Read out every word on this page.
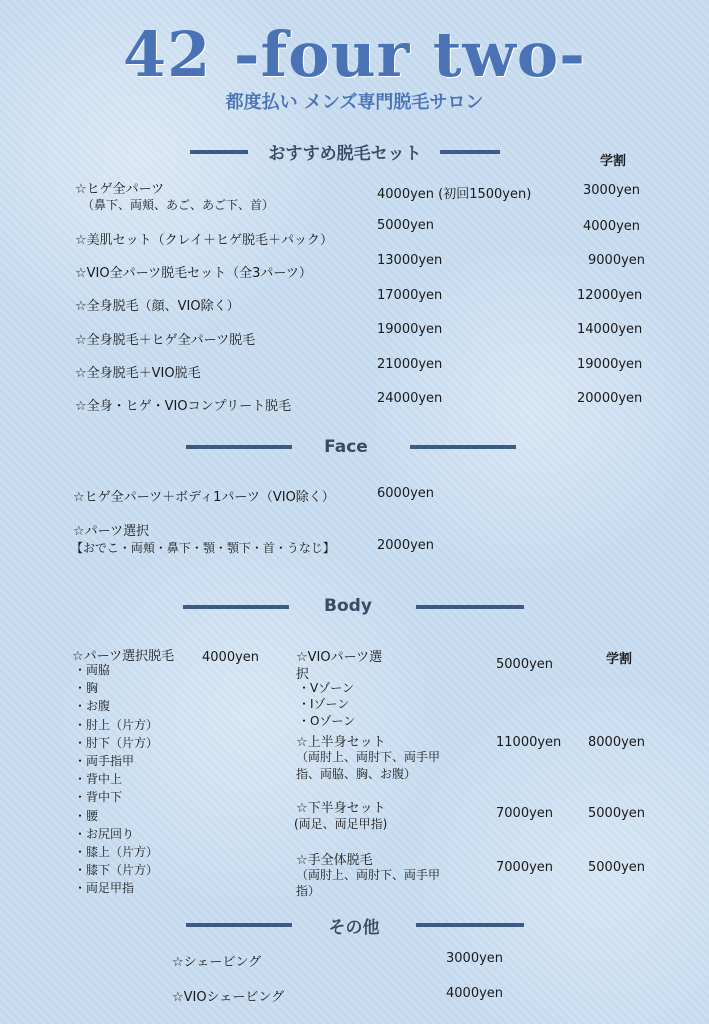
42 -four two-
都度払い メンズ専門脱毛サロン
おすすめ脱毛セット	学割
☆ヒゲ全パーツ
（鼻下、両頬、あご、あご下、首）
4000yen (初回1500yen)	3000yen
☆美肌セット（クレイ＋ヒゲ脱毛＋パック）
5000yen	4000yen
☆VIO全パーツ脱毛セット（全3パーツ）
13000yen	9000yen
☆全身脱毛（顔、VIO除く）
17000yen	12000yen
☆全身脱毛＋ヒゲ全パーツ脱毛
19000yen	14000yen
☆全身脱毛＋VIO脱毛
21000yen	19000yen
☆全身・ヒゲ・VIOコンプリート脱毛
24000yen	20000yen
Face
☆ヒゲ全パーツ＋ボディ1パーツ（VIO除く）	6000yen
☆パーツ選択
【おでこ・両頬・鼻下・顎・顎下・首・うなじ】	2000yen
Body
学割
☆パーツ選択脱毛 4000yen
・両脇
・胸
・お腹
・肘上（片方）
・肘下（片方）
・両手指甲
・背中上
・背中下
・腰
・お尻回り
・膝上（片方）
・膝下（片方）
・両足甲指
☆VIOパーツ選
択
5000yen
・Vゾーン
・Iゾーン
・Oゾーン
☆上半身セット
（両肘上、両肘下、両手甲
指、両脇、胸、お腹）
11000yen 8000yen
☆下半身セット
(両足、両足甲指)
7000yen	5000yen
☆手全体脱毛
（両肘上、両肘下、両手甲
指）
7000yen	5000yen
その他
☆シェービング	3000yen
☆VIOシェービング	4000yen
